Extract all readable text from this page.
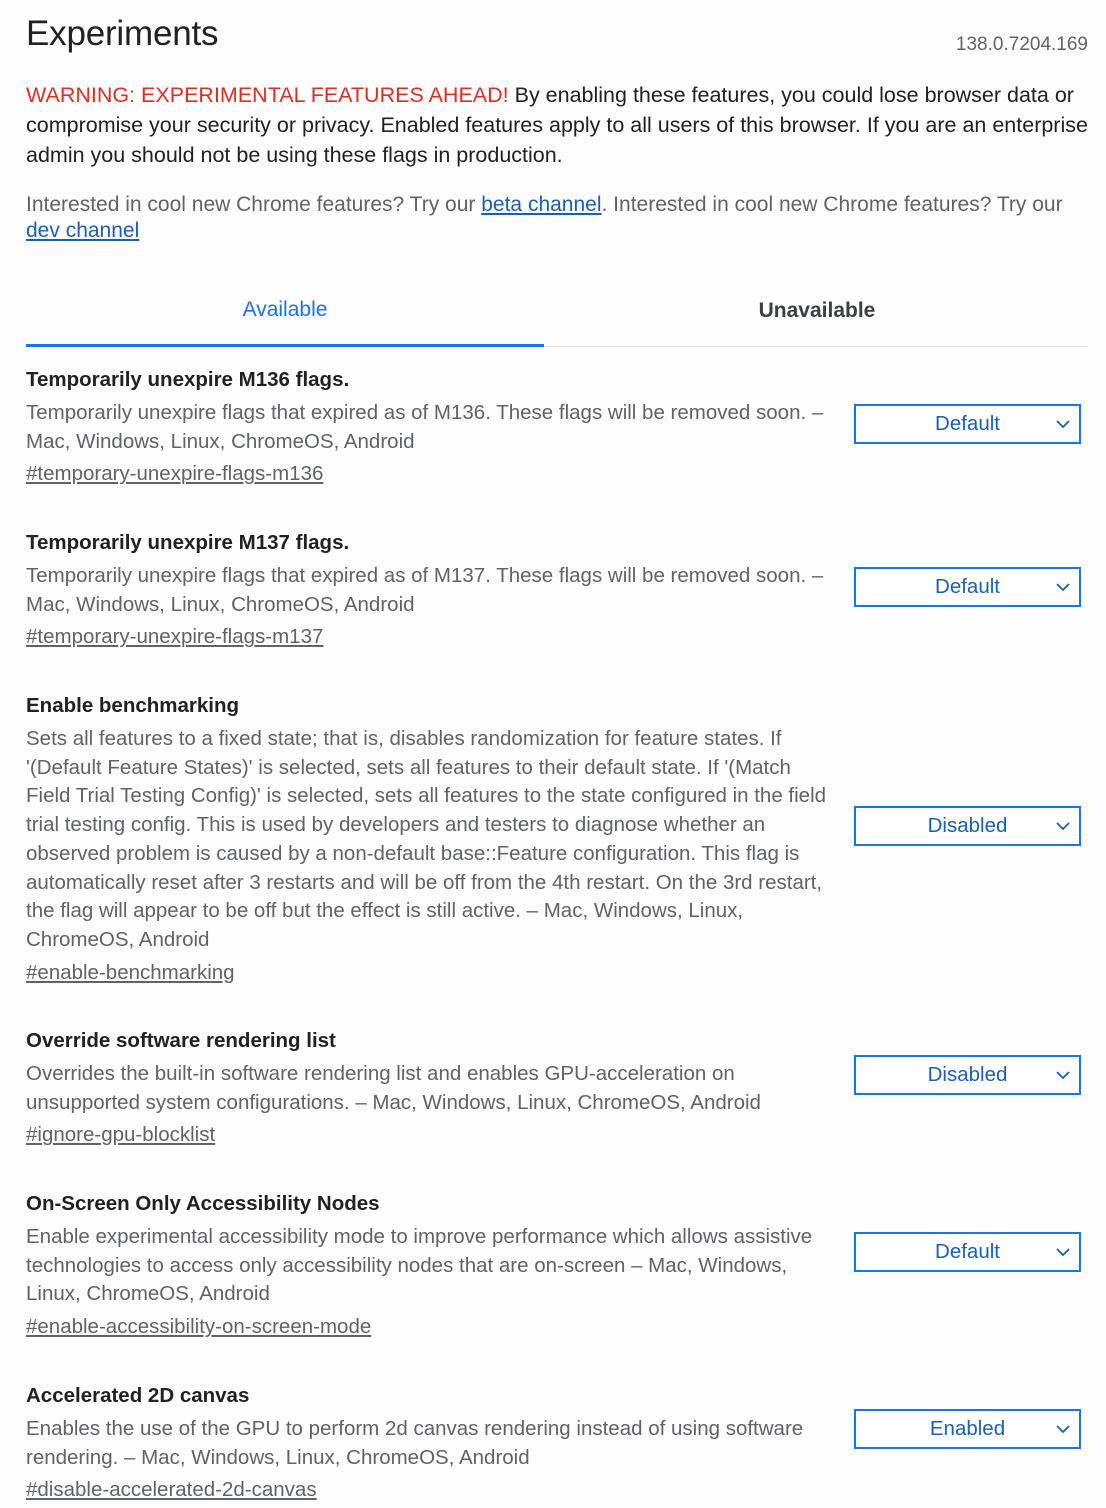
Experiments	138.0.7204.169

WARNING: EXPERIMENTAL FEATURES AHEAD! By enabling these features, you could lose browser data or compromise your security or privacy. Enabled features apply to all users of this browser. If you are an enterprise admin you should not be using these flags in production.

Interested in cool new Chrome features? Try our beta channel. Interested in cool new Chrome features? Try our dev channel

Available	Unavailable
Temporarily unexpire M136 flags.

Temporarily unexpire flags that expired as of M136. These flags will be removed soon. – Mac, Windows, Linux, ChromeOS, Android

#temporary-unexpire-flags-m136
Default
Temporarily unexpire M137 flags.

Temporarily unexpire flags that expired as of M137. These flags will be removed soon. – Mac, Windows, Linux, ChromeOS, Android

#temporary-unexpire-flags-m137
Default
Enable benchmarking

Sets all features to a fixed state; that is, disables randomization for feature states. If '(Default Feature States)' is selected, sets all features to their default state. If '(Match Field Trial Testing Config)' is selected, sets all features to the state configured in the field trial testing config. This is used by developers and testers to diagnose whether an observed problem is caused by a non-default base::Feature configuration. This flag is automatically reset after 3 restarts and will be off from the 4th restart. On the 3rd restart, the flag will appear to be off but the effect is still active. – Mac, Windows, Linux, ChromeOS, Android

#enable-benchmarking
Disabled
Override software rendering list

Overrides the built-in software rendering list and enables GPU-acceleration on unsupported system configurations. – Mac, Windows, Linux, ChromeOS, Android

#ignore-gpu-blocklist
Disabled
On-Screen Only Accessibility Nodes

Enable experimental accessibility mode to improve performance which allows assistive technologies to access only accessibility nodes that are on-screen – Mac, Windows, Linux, ChromeOS, Android

#enable-accessibility-on-screen-mode
Default
Accelerated 2D canvas

Enables the use of the GPU to perform 2d canvas rendering instead of using software rendering. – Mac, Windows, Linux, ChromeOS, Android

#disable-accelerated-2d-canvas
Enabled
